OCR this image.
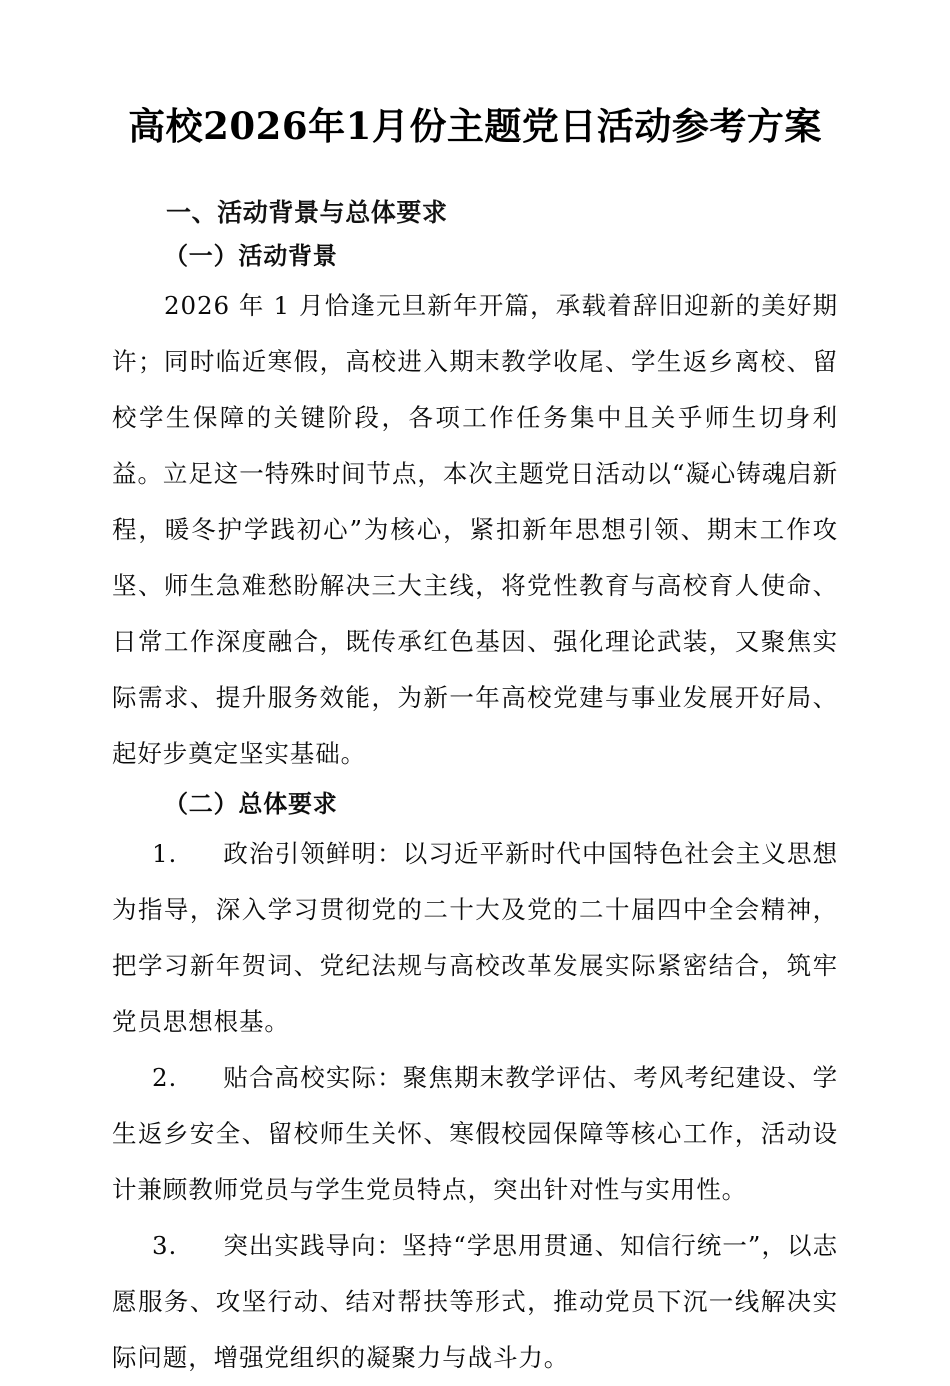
高校2026年1月份主题党日活动参考方案
一、活动背景与总体要求
（一）活动背景

2026 年 1 月恰逢元旦新年开篇，承载着辞旧迎新的美好期许；同时临近寒假，高校进入期末教学收尾、学生返乡离校、留校学生保障的关键阶段，各项工作任务集中且关乎师生切身利益。立足这一特殊时间节点，本次主题党日活动以“凝心铸魂启新程，暖冬护学践初心”为核心，紧扣新年思想引领、期末工作攻坚、师生急难愁盼解决三大主线，将党性教育与高校育人使命、日常工作深度融合，既传承红色基因、强化理论武装，又聚焦实际需求、提升服务效能，为新一年高校党建与事业发展开好局、起好步奠定坚实基础。

（二）总体要求

1. 政治引领鲜明：以习近平新时代中国特色社会主义思想为指导，深入学习贯彻党的二十大及党的二十届四中全会精神，把学习新年贺词、党纪法规与高校改革发展实际紧密结合，筑牢党员思想根基。

2. 贴合高校实际：聚焦期末教学评估、考风考纪建设、学生返乡安全、留校师生关怀、寒假校园保障等核心工作，活动设计兼顾教师党员与学生党员特点，突出针对性与实用性。

3. 突出实践导向：坚持“学思用贯通、知信行统一”，以志愿服务、攻坚行动、结对帮扶等形式，推动党员下沉一线解决实际问题，增强党组织的凝聚力与战斗力。
